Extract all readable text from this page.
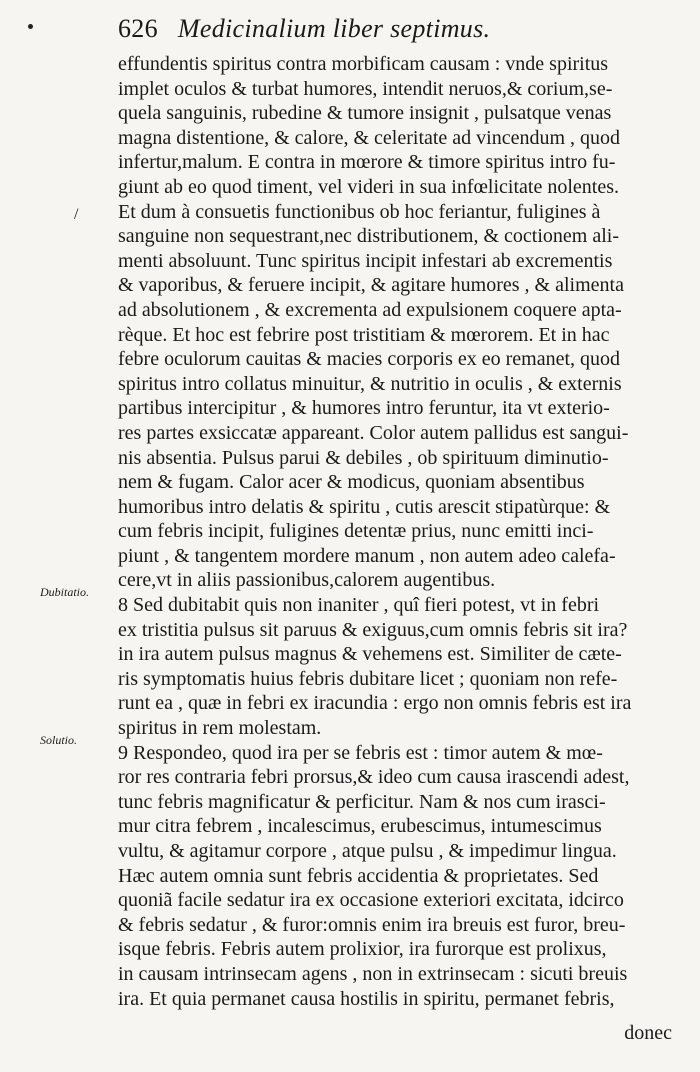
626 Medicinalium liber septimus.
/
Dubitatio.
Solutio.
effundentis spiritus contra morbificam causam : vnde spiritus
implet oculos & turbat humores, intendit neruos,& corium,se-
quela sanguinis, rubedine & tumore insignit , pulsatque venas
magna distentione, & calore, & celeritate ad vincendum , quod
infertur,malum. E contra in mœrore & timore spiritus intro fu-
giunt ab eo quod timent, vel videri in sua infœlicitate nolentes.
Et dum à consuetis functionibus ob hoc feriantur, fuligines à
sanguine non sequestrant,nec distributionem, & coctionem ali-
menti absoluunt. Tunc spiritus incipit infestari ab excrementis
& vaporibus, & feruere incipit, & agitare humores , & alimenta
ad absolutionem , & excrementa ad expulsionem coquere apta-
rèque. Et hoc est febrire post tristitiam & mœrorem. Et in hac
febre oculorum cauitas & macies corporis ex eo remanet, quod
spiritus intro collatus minuitur, & nutritio in oculis , & externis
partibus intercipitur , & humores intro feruntur, ita vt exterio-
res partes exsiccatæ appareant. Color autem pallidus est sangui-
nis absentia. Pulsus parui & debiles , ob spirituum diminutio-
nem & fugam. Calor acer & modicus, quoniam absentibus
humoribus intro delatis & spiritu , cutis arescit stipatùrque: &
cum febris incipit, fuligines detentæ prius, nunc emitti inci-
piunt , & tangentem mordere manum , non autem adeo calefa-
cere,vt in aliis passionibus,calorem augentibus.
8 Sed dubitabit quis non inaniter , quî fieri potest, vt in febri
ex tristitia pulsus sit paruus & exiguus,cum omnis febris sit ira?
in ira autem pulsus magnus & vehemens est. Similiter de cæte-
ris symptomatis huius febris dubitare licet ; quoniam non refe-
runt ea , quæ in febri ex iracundia : ergo non omnis febris est ira
spiritus in rem molestam.
9 Respondeo, quod ira per se febris est : timor autem & mœ-
ror res contraria febri prorsus,& ideo cum causa irascendi adest,
tunc febris magnificatur & perficitur. Nam & nos cum irasci-
mur citra febrem , incalescimus, erubescimus, intumescimus
vultu, & agitamur corpore , atque pulsu , & impedimur lingua.
Hæc autem omnia sunt febris accidentia & proprietates. Sed
quoniã facile sedatur ira ex occasione exteriori excitata, idcirco
& febris sedatur , & furor:omnis enim ira breuis est furor, breu-
isque febris. Febris autem prolixior, ira furorque est prolixus,
in causam intrinsecam agens , non in extrinsecam : sicuti breuis
ira. Et quia permanet causa hostilis in spiritu, permanet febris,
donec
